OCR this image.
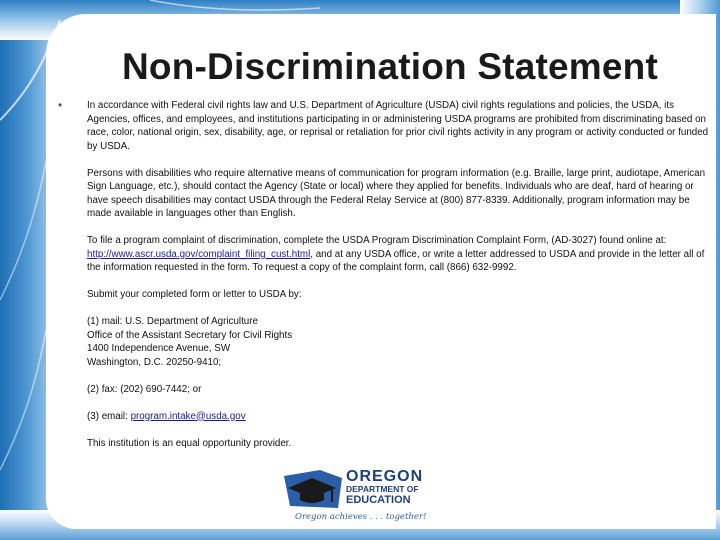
Non-Discrimination Statement
•	In accordance with Federal civil rights law and U.S. Department of Agriculture (USDA) civil rights regulations and policies, the USDA, its Agencies, offices, and employees, and institutions participating in or administering USDA programs are prohibited from discriminating based on race, color, national origin, sex, disability, age, or reprisal or retaliation for prior civil rights activity in any program or activity conducted or funded by USDA.

Persons with disabilities who require alternative means of communication for program information (e.g. Braille, large print, audiotape, American Sign Language, etc.), should contact the Agency (State or local) where they applied for benefits. Individuals who are deaf, hard of hearing or have speech disabilities may contact USDA through the Federal Relay Service at (800) 877-8339. Additionally, program information may be made available in languages other than English.

To file a program complaint of discrimination, complete the USDA Program Discrimination Complaint Form, (AD-3027) found online at: http://www.ascr.usda.gov/complaint_filing_cust.html, and at any USDA office, or write a letter addressed to USDA and provide in the letter all of the information requested in the form. To request a copy of the complaint form, call (866) 632-9992.

Submit your completed form or letter to USDA by:

(1) mail: U.S. Department of Agriculture
Office of the Assistant Secretary for Civil Rights
1400 Independence Avenue, SW
Washington, D.C. 20250-9410;

(2) fax: (202) 690-7442; or

(3) email: program.intake@usda.gov

This institution is an equal opportunity provider.

OREGON
DEPARTMENT OF
EDUCATION
Oregon achieves . . . together!
